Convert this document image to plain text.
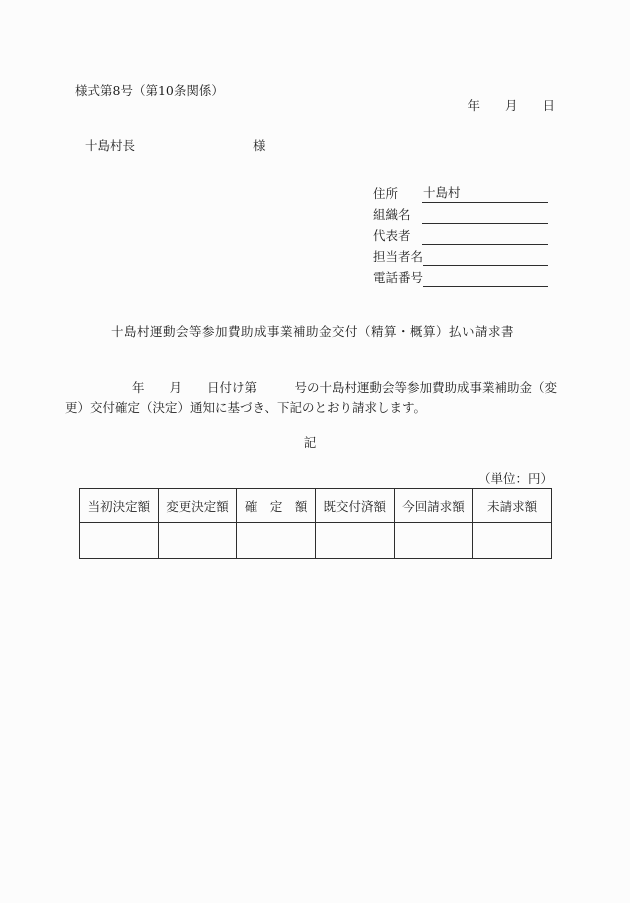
様式第8号（第10条関係）
年　　月　　日
十島村長	様
住所	十島村
組織名
代表者
担当者名
電話番号
十島村運動会等参加費助成事業補助金交付（精算・概算）払い請求書
年　　月　　日付け第　　　号の十島村運動会等参加費助成事業補助金（変
更）交付確定（決定）通知に基づき、下記のとおり請求します。
記
（単位：円）
当初決定額	変更決定額	確　定　額	既交付済額	今回請求額	未請求額
